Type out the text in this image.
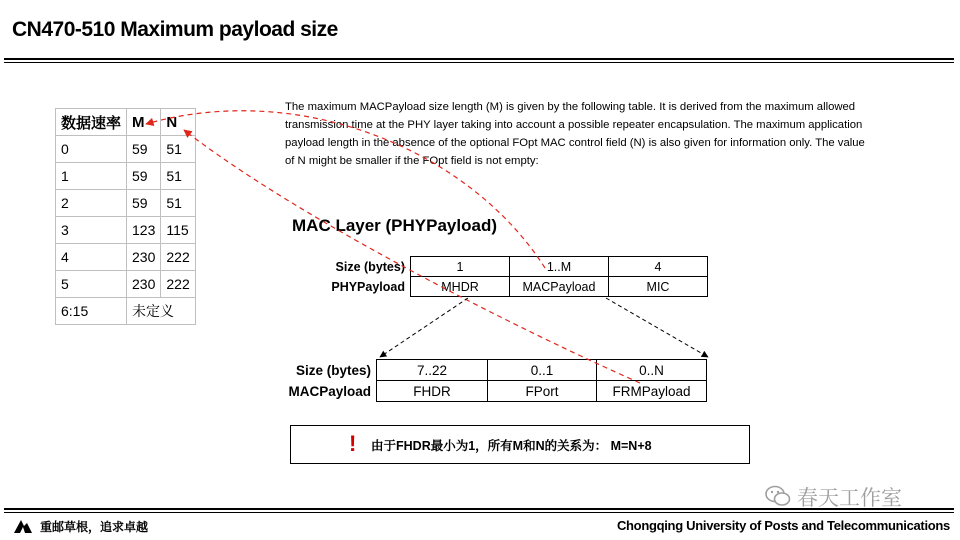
CN470-510 Maximum payload size
数据速率	M	N
0	59	51
1	59	51
2	59	51
3	123	115
4	230	222
5	230	222
6:15	未定义	
The maximum MACPayload size length (M) is given by the following table. It is derived from the maximum allowed transmission time at the PHY layer taking into account a possible repeater encapsulation. The maximum application payload length in the absence of the optional FOpt MAC control field (N) is also given for information only. The value of N might be smaller if the FOpt field is not empty:
MAC Layer (PHYPayload)
Size (bytes)	1	1..M	4
PHYPayload	MHDR	MACPayload	MIC
Size (bytes)	7..22	0..1	0..N
MACPayload	FHDR	FPort	FRMPayload
! 由于FHDR最小为1，所有M和N的关系为： M=N+8
春天工作室
重邮草根，追求卓越	Chongqing University of Posts and Telecommunications
